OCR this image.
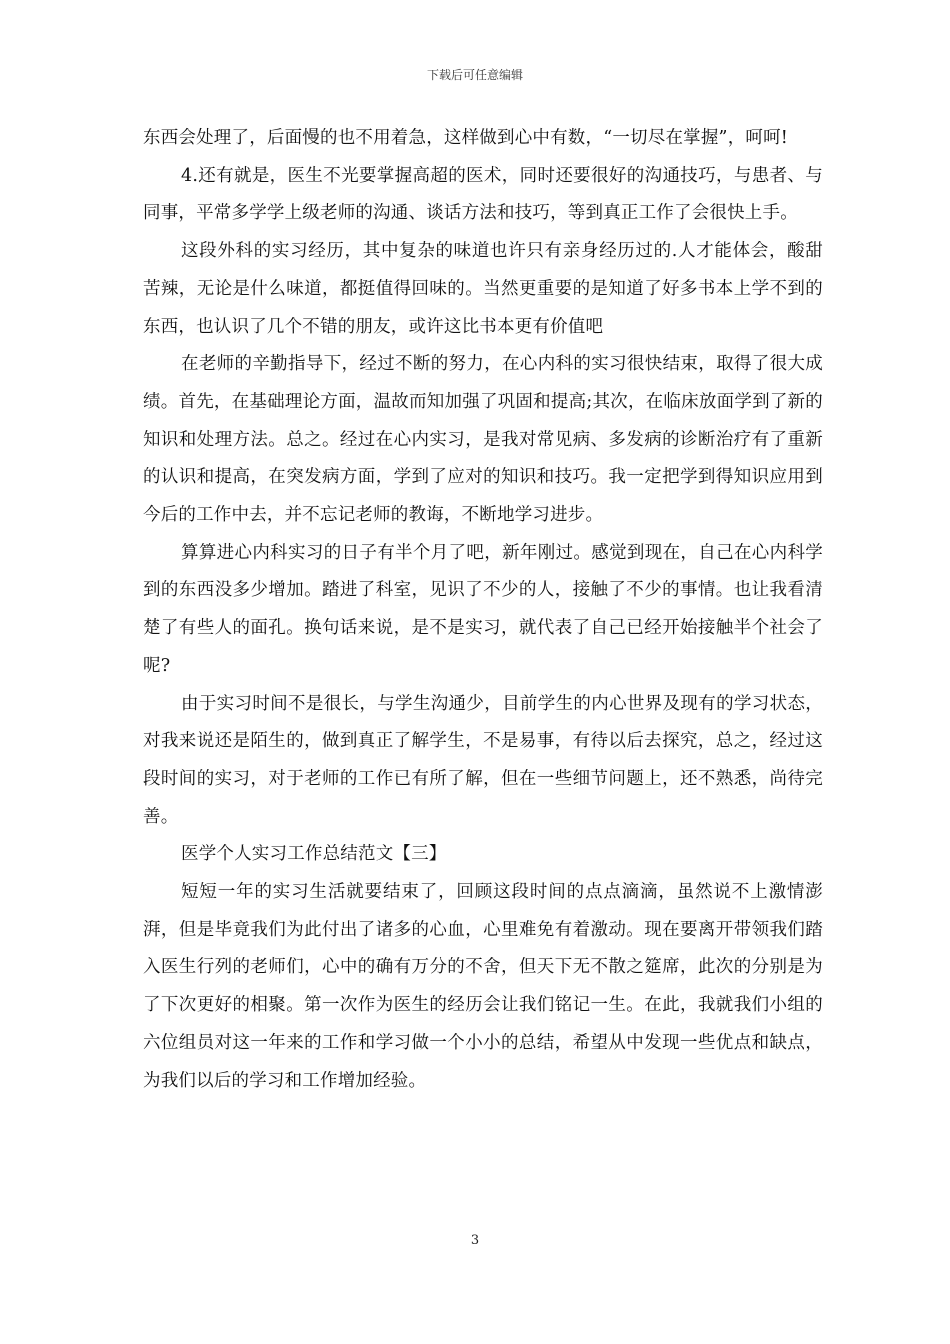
下载后可任意编辑

东西会处理了，后面慢的也不用着急，这样做到心中有数，“一切尽在掌握”，呵呵!

4.还有就是，医生不光要掌握高超的医术，同时还要很好的沟通技巧，与患者、与同事，平常多学学上级老师的沟通、谈话方法和技巧，等到真正工作了会很快上手。

这段外科的实习经历，其中复杂的味道也许只有亲身经历过的.人才能体会，酸甜苦辣，无论是什么味道，都挺值得回味的。当然更重要的是知道了好多书本上学不到的东西，也认识了几个不错的朋友，或许这比书本更有价值吧

在老师的辛勤指导下，经过不断的努力，在心内科的实习很快结束，取得了很大成绩。首先，在基础理论方面，温故而知加强了巩固和提高;其次，在临床放面学到了新的知识和处理方法。总之。经过在心内实习，是我对常见病、多发病的诊断治疗有了重新的认识和提高，在突发病方面，学到了应对的知识和技巧。我一定把学到得知识应用到今后的工作中去，并不忘记老师的教诲，不断地学习进步。

算算进心内科实习的日子有半个月了吧，新年刚过。感觉到现在，自己在心内科学到的东西没多少增加。踏进了科室，见识了不少的人，接触了不少的事情。也让我看清楚了有些人的面孔。换句话来说，是不是实习，就代表了自己已经开始接触半个社会了呢?

由于实习时间不是很长，与学生沟通少，目前学生的内心世界及现有的学习状态，对我来说还是陌生的，做到真正了解学生，不是易事，有待以后去探究，总之，经过这段时间的实习，对于老师的工作已有所了解，但在一些细节问题上，还不熟悉，尚待完善。

医学个人实习工作总结范文【三】

短短一年的实习生活就要结束了，回顾这段时间的点点滴滴，虽然说不上激情澎湃，但是毕竟我们为此付出了诸多的心血，心里难免有着激动。现在要离开带领我们踏入医生行列的老师们，心中的确有万分的不舍，但天下无不散之筵席，此次的分别是为了下次更好的相聚。第一次作为医生的经历会让我们铭记一生。在此，我就我们小组的六位组员对这一年来的工作和学习做一个小小的总结，希望从中发现一些优点和缺点，为我们以后的学习和工作增加经验。

3
